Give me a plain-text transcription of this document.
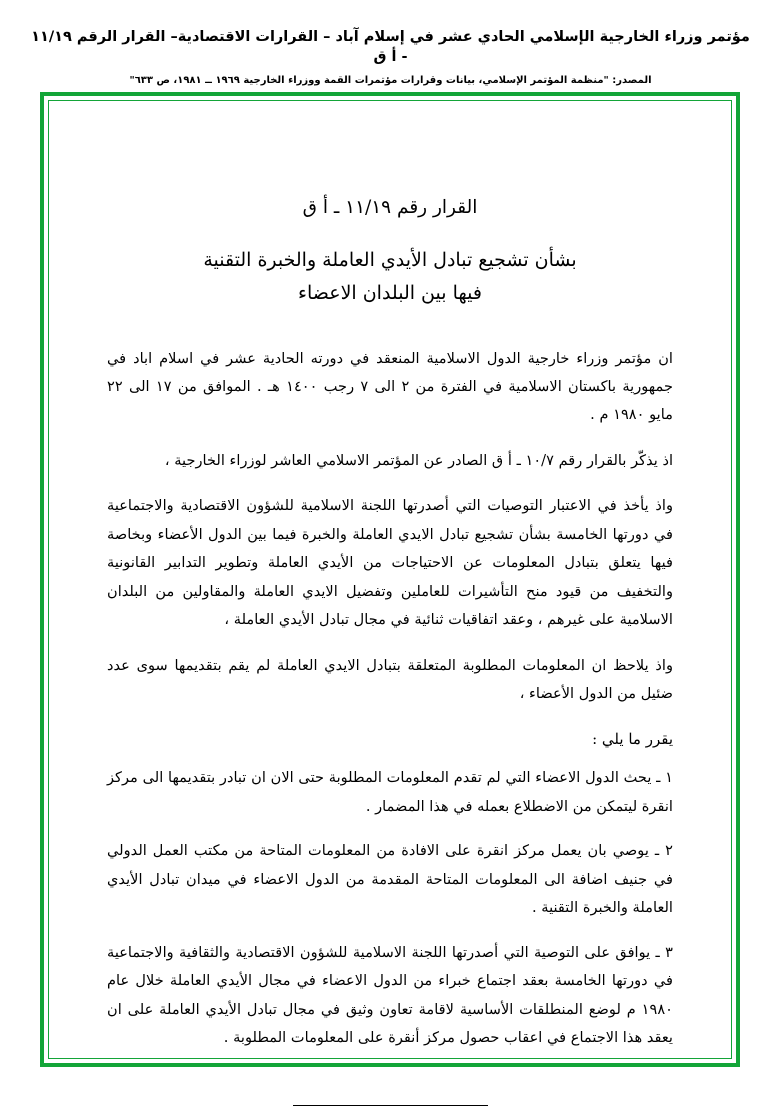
مؤتمر وزراء الخارجية الإسلامي الحادي عشر في إسلام آباد – القرارات الاقتصادية– القرار الرقم ١١/١٩ - أ ق
المصدر: "منظمة المؤتمر الإسلامي، بيانات وقرارات مؤتمرات القمة ووزراء الخارجية ١٩٦٩ ــ ١٩٨١، ص ٦٣٣"
القرار رقم ١١/١٩ ـ أ ق
بشأن تشجيع تبادل الأيدي العاملة والخبرة التقنية
فيها بين البلدان الاعضاء

ان مؤتمر وزراء خارجية الدول الاسلامية المنعقد في دورته الحادية عشر في اسلام اباد في جمهورية باكستان الاسلامية في الفترة من ٢ الى ٧ رجب ١٤٠٠ هـ . الموافق من ١٧ الى ٢٢ مايو ١٩٨٠ م .

اذ يذكّر بالقرار رقم ١٠/٧ ـ أ ق الصادر عن المؤتمر الاسلامي العاشر لوزراء الخارجية ،

واذ يأخذ في الاعتبار التوصيات التي أصدرتها اللجنة الاسلامية للشؤون الاقتصادية والاجتماعية في دورتها الخامسة بشأن تشجيع تبادل الايدي العاملة والخبرة فيما بين الدول الأعضاء وبخاصة فيها يتعلق بتبادل المعلومات عن الاحتياجات من الأيدي العاملة وتطوير التدابير القانونية والتخفيف من قيود منح التأشيرات للعاملين وتفضيل الايدي العاملة والمقاولين من البلدان الاسلامية على غيرهم ، وعقد اتفاقيات ثنائية في مجال تبادل الأيدي العاملة ،

واذ يلاحظ ان المعلومات المطلوبة المتعلقة بتبادل الايدي العاملة لم يقم بتقديمها سوى عدد ضئيل من الدول الأعضاء ،

يقرر ما يلي :

١ ـ يحث الدول الاعضاء التي لم تقدم المعلومات المطلوبة حتى الان ان تبادر بتقديمها الى مركز انقرة ليتمكن من الاضطلاع بعمله في هذا المضمار .

٢ ـ يوصي بان يعمل مركز انقرة على الافادة من المعلومات المتاحة من مكتب العمل الدولي في جنيف اضافة الى المعلومات المتاحة المقدمة من الدول الاعضاء في ميدان تبادل الأيدي العاملة والخبرة التقنية .

٣ ـ يوافق على التوصية التي أصدرتها اللجنة الاسلامية للشؤون الاقتصادية والثقافية والاجتماعية في دورتها الخامسة بعقد اجتماع خبراء من الدول الاعضاء في مجال الأيدي العاملة خلال عام ١٩٨٠ م لوضع المنطلقات الأساسية لاقامة تعاون وثيق في مجال تبادل الأيدي العاملة على ان يعقد هذا الاجتماع في اعقاب حصول مركز أنقرة على المعلومات المطلوبة .
